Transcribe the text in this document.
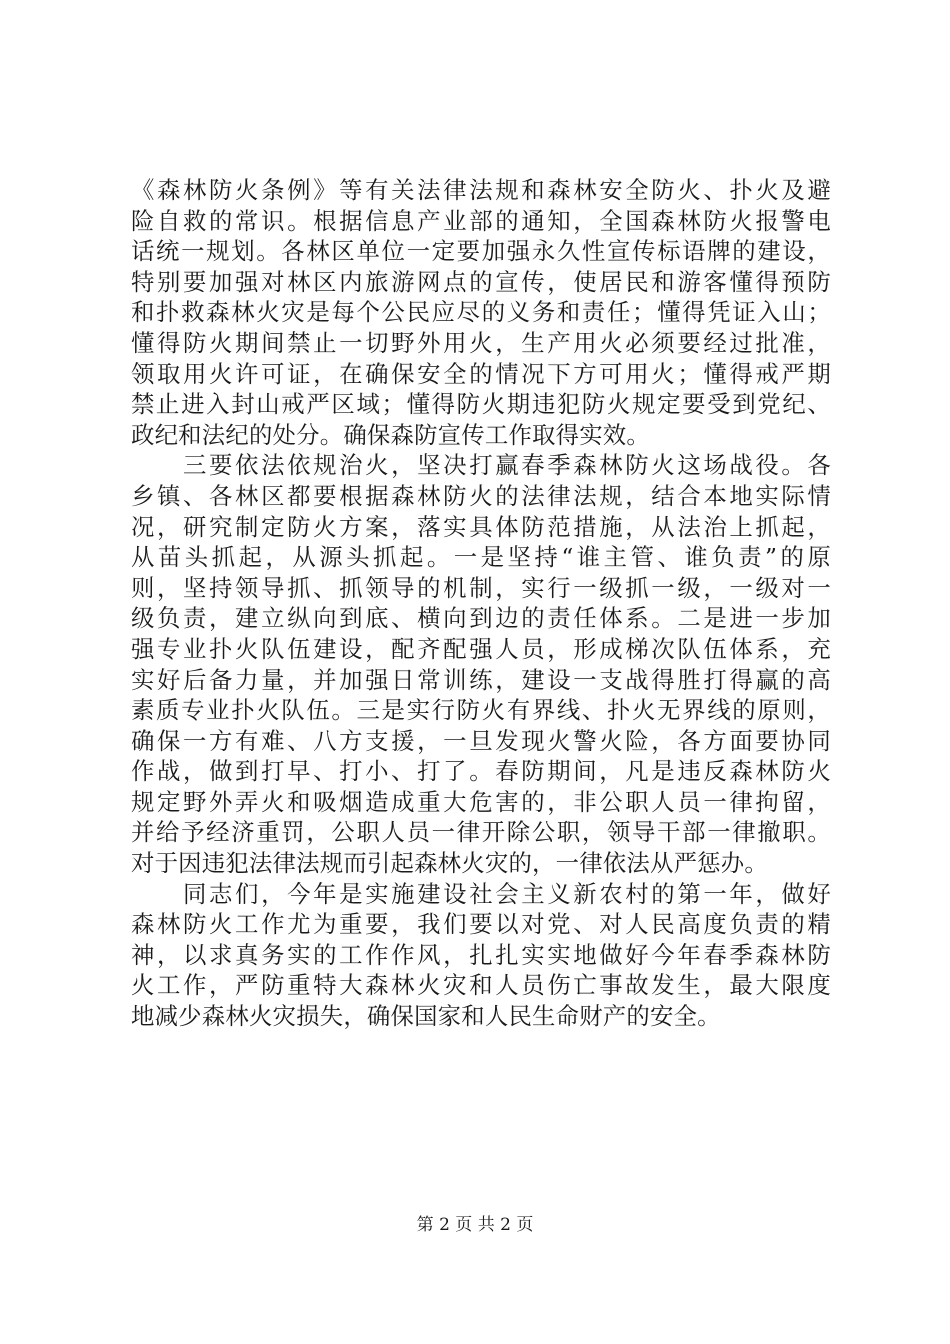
《森林防火条例》等有关法律法规和森林安全防火、扑火及避
险自救的常识。根据信息产业部的通知，全国森林防火报警电
话统一规划。各林区单位一定要加强永久性宣传标语牌的建设，
特别要加强对林区内旅游网点的宣传，使居民和游客懂得预防
和扑救森林火灾是每个公民应尽的义务和责任；懂得凭证入山；
懂得防火期间禁止一切野外用火，生产用火必须要经过批准，
领取用火许可证，在确保安全的情况下方可用火；懂得戒严期
禁止进入封山戒严区域；懂得防火期违犯防火规定要受到党纪、
政纪和法纪的处分。确保森防宣传工作取得实效。
　　三要依法依规治火，坚决打赢春季森林防火这场战役。各
乡镇、各林区都要根据森林防火的法律法规，结合本地实际情
况，研究制定防火方案，落实具体防范措施，从法治上抓起，
从苗头抓起，从源头抓起。一是坚持“谁主管、谁负责”的原
则，坚持领导抓、抓领导的机制，实行一级抓一级，一级对一
级负责，建立纵向到底、横向到边的责任体系。二是进一步加
强专业扑火队伍建设，配齐配强人员，形成梯次队伍体系，充
实好后备力量，并加强日常训练，建设一支战得胜打得赢的高
素质专业扑火队伍。三是实行防火有界线、扑火无界线的原则，
确保一方有难、八方支援，一旦发现火警火险，各方面要协同
作战，做到打早、打小、打了。春防期间，凡是违反森林防火
规定野外弄火和吸烟造成重大危害的，非公职人员一律拘留，
并给予经济重罚，公职人员一律开除公职，领导干部一律撤职。
对于因违犯法律法规而引起森林火灾的，一律依法从严惩办。
　　同志们，今年是实施建设社会主义新农村的第一年，做好
森林防火工作尤为重要，我们要以对党、对人民高度负责的精
神，以求真务实的工作作风，扎扎实实地做好今年春季森林防
火工作，严防重特大森林火灾和人员伤亡事故发生，最大限度
地减少森林火灾损失，确保国家和人民生命财产的安全。
第 2 页 共 2 页
